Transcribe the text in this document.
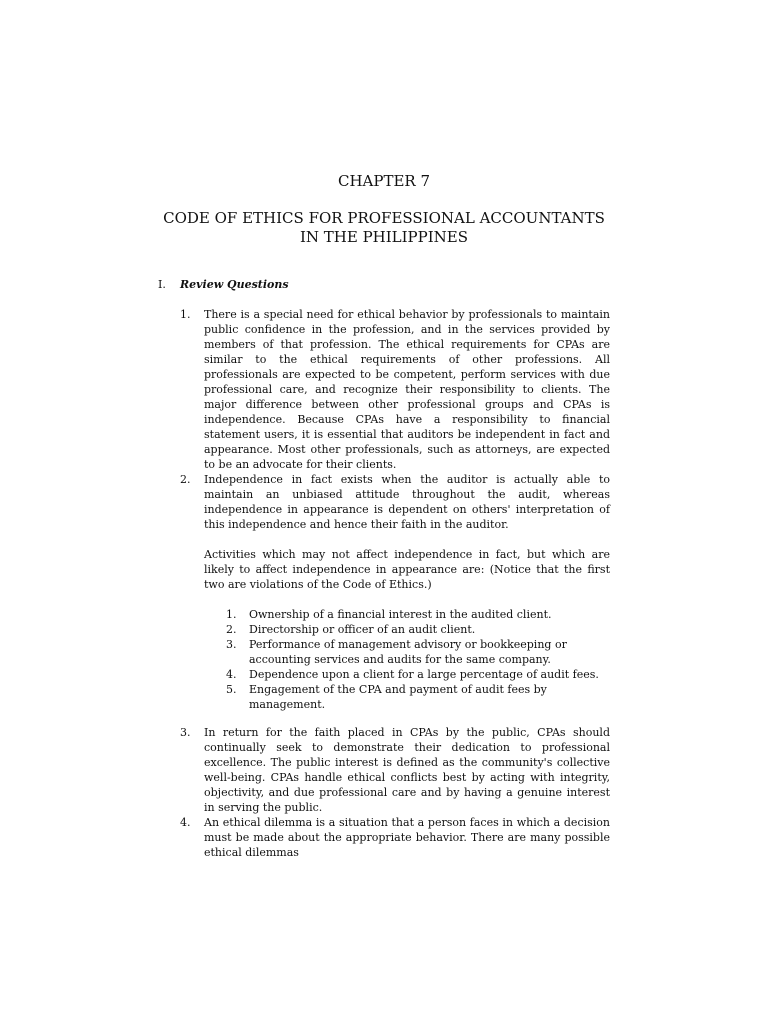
CHAPTER 7
CODE OF ETHICS FOR PROFESSIONAL ACCOUNTANTS
IN THE PHILIPPINES
I. Review Questions
1. There is a special need for ethical behavior by professionals to maintain public confidence in the profession, and in the services provided by members of that profession. The ethical requirements for CPAs are similar to the ethical requirements of other professions. All professionals are expected to be competent, perform services with due professional care, and recognize their responsibility to clients. The major difference between other professional groups and CPAs is independence. Because CPAs have a responsibility to financial statement users, it is essential that auditors be independent in fact and appearance. Most other professionals, such as attorneys, are expected to be an advocate for their clients.

2. Independence in fact exists when the auditor is actually able to maintain an unbiased attitude throughout the audit, whereas independence in appearance is dependent on others' interpretation of this independence and hence their faith in the auditor.

Activities which may not affect independence in fact, but which are likely to affect independence in appearance are: (Notice that the first two are violations of the Code of Ethics.)

1. Ownership of a financial interest in the audited client.
2. Directorship or officer of an audit client.
3. Performance of management advisory or bookkeeping or accounting services and audits for the same company.
4. Dependence upon a client for a large percentage of audit fees.
5. Engagement of the CPA and payment of audit fees by management.
3. In return for the faith placed in CPAs by the public, CPAs should continually seek to demonstrate their dedication to professional excellence. The public interest is defined as the community's collective well-being. CPAs handle ethical conflicts best by acting with integrity, objectivity, and due professional care and by having a genuine interest in serving the public.

4. An ethical dilemma is a situation that a person faces in which a decision must be made about the appropriate behavior. There are many possible ethical dilemmas
